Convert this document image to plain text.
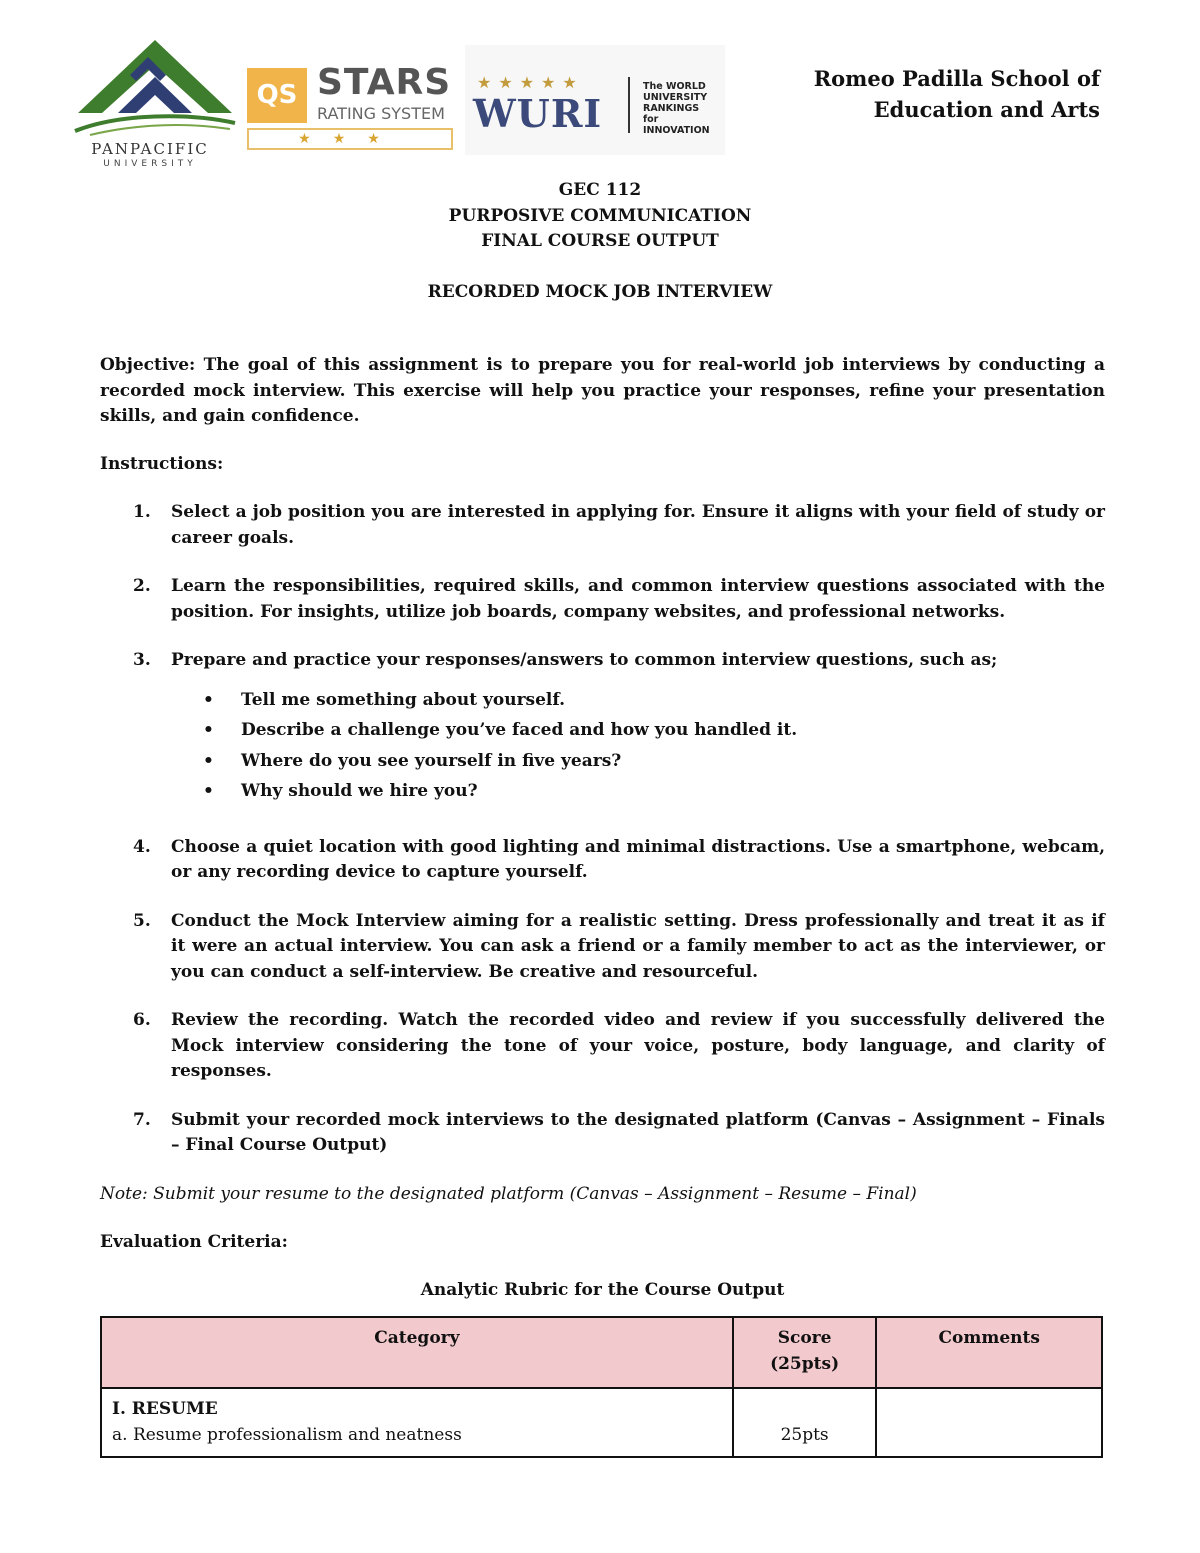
PANPACIFIC
UNIVERSITY
QS STARS
RATING SYSTEM
★★★
★★★★★
WURI
The WORLD
UNIVERSITY
RANKINGS
for INNOVATION
Romeo Padilla School of
Education and Arts
GEC 112
PURPOSIVE COMMUNICATION
FINAL COURSE OUTPUT
RECORDED MOCK JOB INTERVIEW

Objective: The goal of this assignment is to prepare you for real-world job interviews by conducting a recorded mock interview. This exercise will help you practice your responses, refine your presentation skills, and gain confidence.

Instructions:
1. Select a job position you are interested in applying for. Ensure it aligns with your field of study or career goals.
2. Learn the responsibilities, required skills, and common interview questions associated with the position. For insights, utilize job boards, company websites, and professional networks.
3. Prepare and practice your responses/answers to common interview questions, such as;
• Tell me something about yourself.
• Describe a challenge you’ve faced and how you handled it.
• Where do you see yourself in five years?
• Why should we hire you?
4. Choose a quiet location with good lighting and minimal distractions. Use a smartphone, webcam, or any recording device to capture yourself.
5. Conduct the Mock Interview aiming for a realistic setting. Dress professionally and treat it as if it were an actual interview. You can ask a friend or a family member to act as the interviewer, or you can conduct a self-interview. Be creative and resourceful.
6. Review the recording. Watch the recorded video and review if you successfully delivered the Mock interview considering the tone of your voice, posture, body language, and clarity of responses.
7. Submit your recorded mock interviews to the designated platform (Canvas – Assignment – Finals – Final Course Output)

Note: Submit your resume to the designated platform (Canvas – Assignment – Resume – Final)

Evaluation Criteria:
Analytic Rubric for the Course Output
Category	Score (25pts)	Comments

I. RESUME
a. Resume professionalism and neatness	25pts	
